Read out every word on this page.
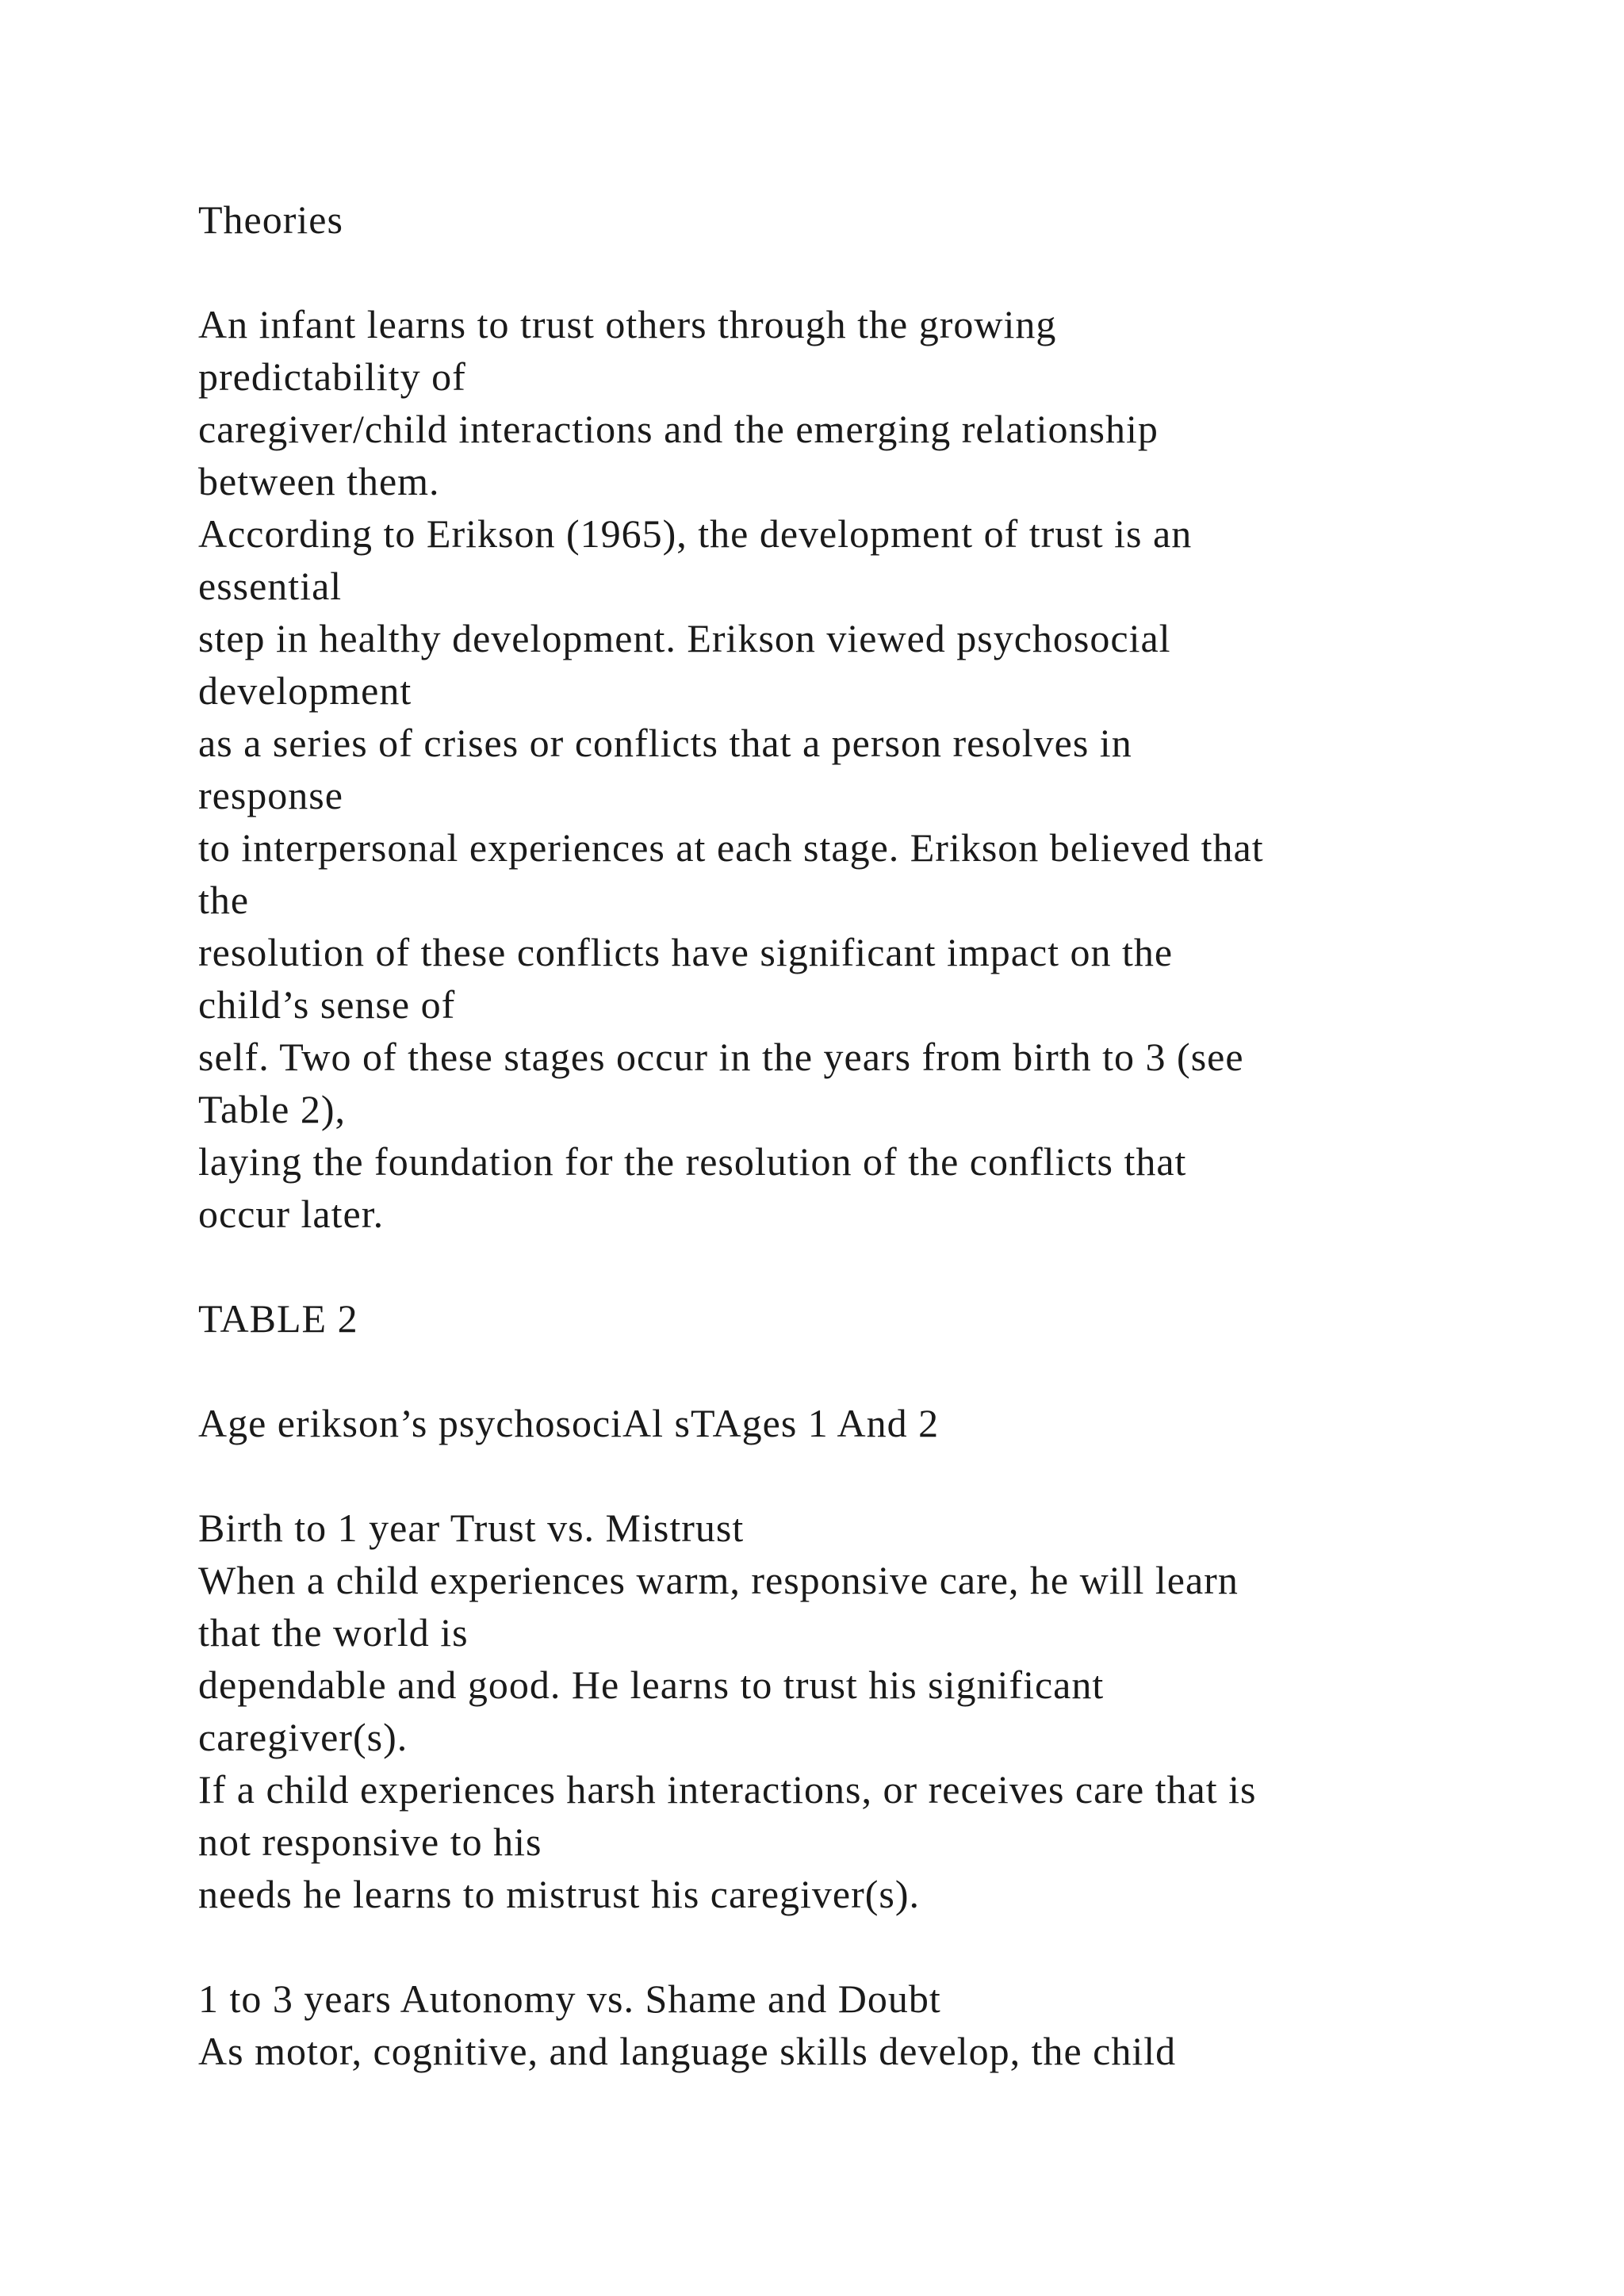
Theories
An infant learns to trust others through the growing
predictability of
caregiver/child interactions and the emerging relationship
between them.
According to Erikson (1965), the development of trust is an
essential
step in healthy development. Erikson viewed psychosocial
development
as a series of crises or conflicts that a person resolves in
response
to interpersonal experiences at each stage. Erikson believed that
the
resolution of these conflicts have significant impact on the
child’s sense of
self. Two of these stages occur in the years from birth to 3 (see
Table 2),
laying the foundation for the resolution of the conflicts that
occur later.
TABLE 2
Age erikson’s psychosociAl sTAges 1 And 2
Birth to 1 year Trust vs. Mistrust
When a child experiences warm, responsive care, he will learn
that the world is
dependable and good. He learns to trust his significant
caregiver(s).
If a child experiences harsh interactions, or receives care that is
not responsive to his
needs he learns to mistrust his caregiver(s).
1 to 3 years Autonomy vs. Shame and Doubt
As motor, cognitive, and language skills develop, the child
